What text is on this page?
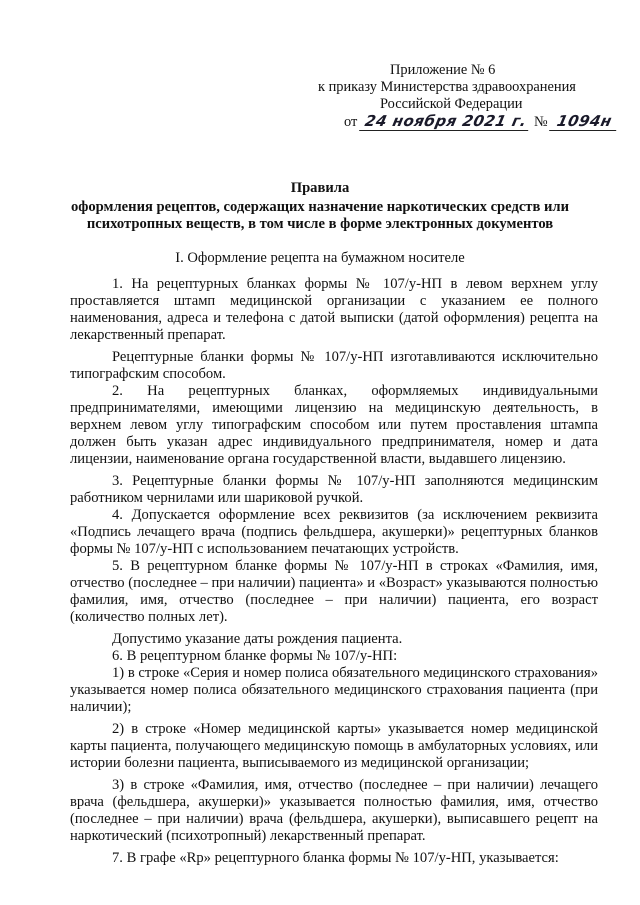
Приложение № 6
к приказу Министерства здравоохранения
Российской Федерации
от 24 ноября 2021 г. № 1094н
Правила
оформления рецептов, содержащих назначение наркотических средств или
психотропных веществ, в том числе в форме электронных документов
I. Оформление рецепта на бумажном носителе

1. На рецептурных бланках формы № 107/у-НП в левом верхнем углу проставляется штамп медицинской организации с указанием ее полного наименования, адреса и телефона с датой выписки (датой оформления) рецепта на лекарственный препарат.

Рецептурные бланки формы № 107/у-НП изготавливаются исключительно типографским способом.

2. На рецептурных бланках, оформляемых индивидуальными предпринимателями, имеющими лицензию на медицинскую деятельность, в верхнем левом углу типографским способом или путем проставления штампа должен быть указан адрес индивидуального предпринимателя, номер и дата лицензии, наименование органа государственной власти, выдавшего лицензию.

3. Рецептурные бланки формы № 107/у-НП заполняются медицинским работником чернилами или шариковой ручкой.

4. Допускается оформление всех реквизитов (за исключением реквизита «Подпись лечащего врача (подпись фельдшера, акушерки)» рецептурных бланков формы № 107/у-НП с использованием печатающих устройств.

5. В рецептурном бланке формы № 107/у-НП в строках «Фамилия, имя, отчество (последнее – при наличии) пациента» и «Возраст» указываются полностью фамилия, имя, отчество (последнее – при наличии) пациента, его возраст (количество полных лет).

Допустимо указание даты рождения пациента.

6. В рецептурном бланке формы № 107/у-НП:

1) в строке «Серия и номер полиса обязательного медицинского страхования» указывается номер полиса обязательного медицинского страхования пациента (при наличии);

2) в строке «Номер медицинской карты» указывается номер медицинской карты пациента, получающего медицинскую помощь в амбулаторных условиях, или истории болезни пациента, выписываемого из медицинской организации;

3) в строке «Фамилия, имя, отчество (последнее – при наличии) лечащего врача (фельдшера, акушерки)» указывается полностью фамилия, имя, отчество (последнее – при наличии) врача (фельдшера, акушерки), выписавшего рецепт на наркотический (психотропный) лекарственный препарат.

7. В графе «Rp» рецептурного бланка формы № 107/у-НП, указывается:
